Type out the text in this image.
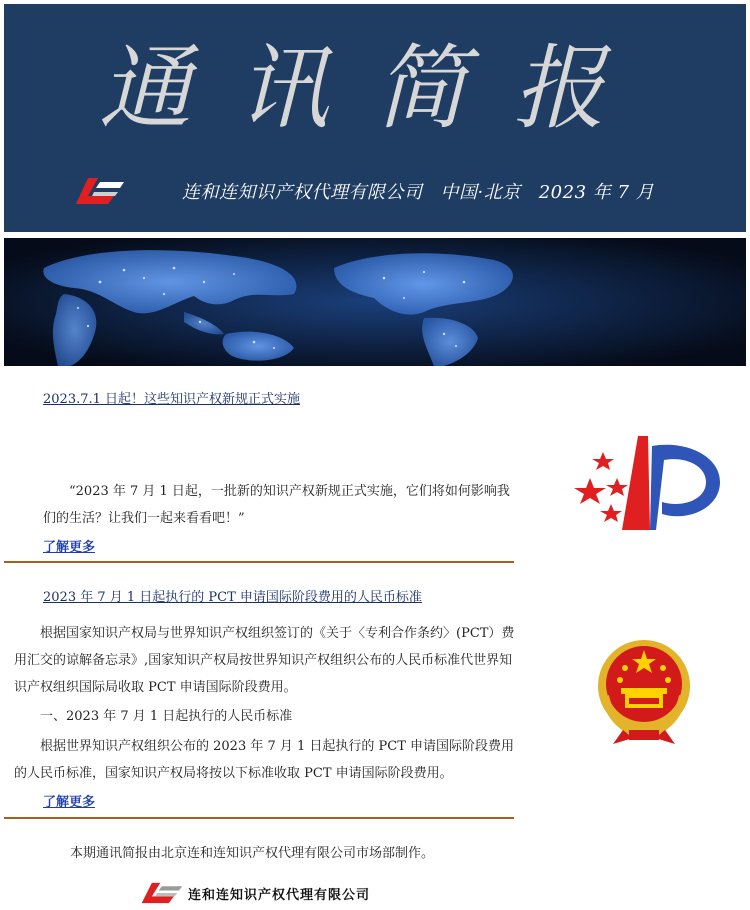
通讯简报
连和连知识产权代理有限公司 中国·北京 2023 年 7 月
2023.7.1 日起！这些知识产权新规正式实施
“2023 年 7 月 1 日起，一批新的知识产权新规正式实施，它们将如何影响我们的生活？让我们一起来看看吧！”
了解更多
2023 年 7 月 1 日起执行的 PCT 申请国际阶段费用的人民币标准
根据国家知识产权局与世界知识产权组织签订的《关于〈专利合作条约〉(PCT）费用汇交的谅解备忘录》,国家知识产权局按世界知识产权组织公布的人民币标准代世界知识产权组织国际局收取 PCT 申请国际阶段费用。
一、2023 年 7 月 1 日起执行的人民币标准
根据世界知识产权组织公布的 2023 年 7 月 1 日起执行的 PCT 申请国际阶段费用的人民币标准，国家知识产权局将按以下标准收取 PCT 申请国际阶段费用。
了解更多
本期通讯简报由北京连和连知识产权代理有限公司市场部制作。
连和连知识产权代理有限公司
